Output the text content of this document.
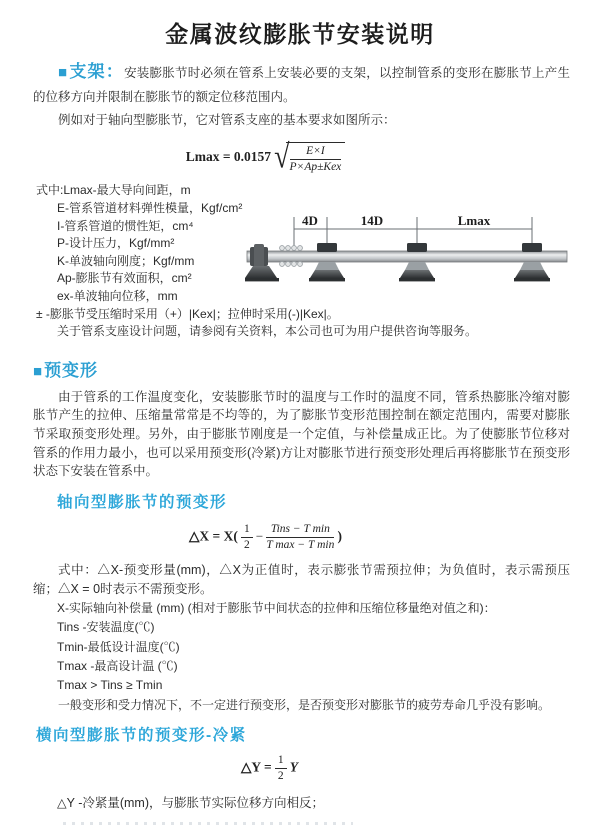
金属波纹膨胀节安装说明

■支架：安装膨胀节时必须在管系上安装必要的支架，以控制管系的变形在膨胀节上产生的位移方向并限制在膨胀节的额定位移范围内。

例如对于轴向型膨胀节，它对管系支座的基本要求如图所示：

Lmax = 0.0157 √ $\frac{E\times I}{\text{P×Ap±Kex}}$
式中:Lmax-最大导向间距，m
E-管系管道材料弹性模量，Kgf/cm²
I-管系管道的惯性矩，cm⁴
P-设计压力，Kgf/mm²
K-单波轴向刚度；Kgf/mm
Ap-膨胀节有效面积，cm²
ex-单波轴向位移，mm
4D	14D	Lmax
± -膨胀节受压缩时采用（+）|Kex|；拉伸时采用(-)|Kex|。
关于管系支座设计问题，请参阅有关资料，本公司也可为用户提供咨询等服务。
■预变形

由于管系的工作温度变化，安装膨胀节时的温度与工作时的温度不同，管系热膨胀冷缩对膨胀节产生的拉伸、压缩量常常是不均等的，为了膨胀节变形范围控制在额定范围内，需要对膨胀节采取预变形处理。另外，由于膨胀节刚度是一个定值，与补偿量成正比。为了使膨胀节位移对管系的作用力最小，也可以采用预变形(冷紧)方让对膨胀节进行预变形处理后再将膨胀节在预变形状态下安装在管系中。

轴向型膨胀节的预变形
△X = $X( \frac{1}{2} - \frac{\text{Tins − T min}}{\text{T max − T min}}$ )

式中：△X-预变形量(mm)，△X为正值时，表示膨张节需预拉伸；为负值时，表示需预压缩；△X = 0时表示不需预变形。

X-实际轴向补偿量 (mm) (相对于膨胀节中间状态的拉伸和压缩位移量绝对值之和)：
Tins -安装温度(℃)
Tmin-最低设计温度(℃)
Tmax -最高设计温 (℃)
Tmax > Tins ≥ Tmin
一般变形和受力情况下，不一定进行预变形，是否预变形对膨胀节的疲劳寿命几乎没有影响。
横向型膨胀节的预变形-冷紧
△Y = $\frac{1}{2}$ Y
△Y -冷紧量(mm)，与膨胀节实际位移方向相反；
